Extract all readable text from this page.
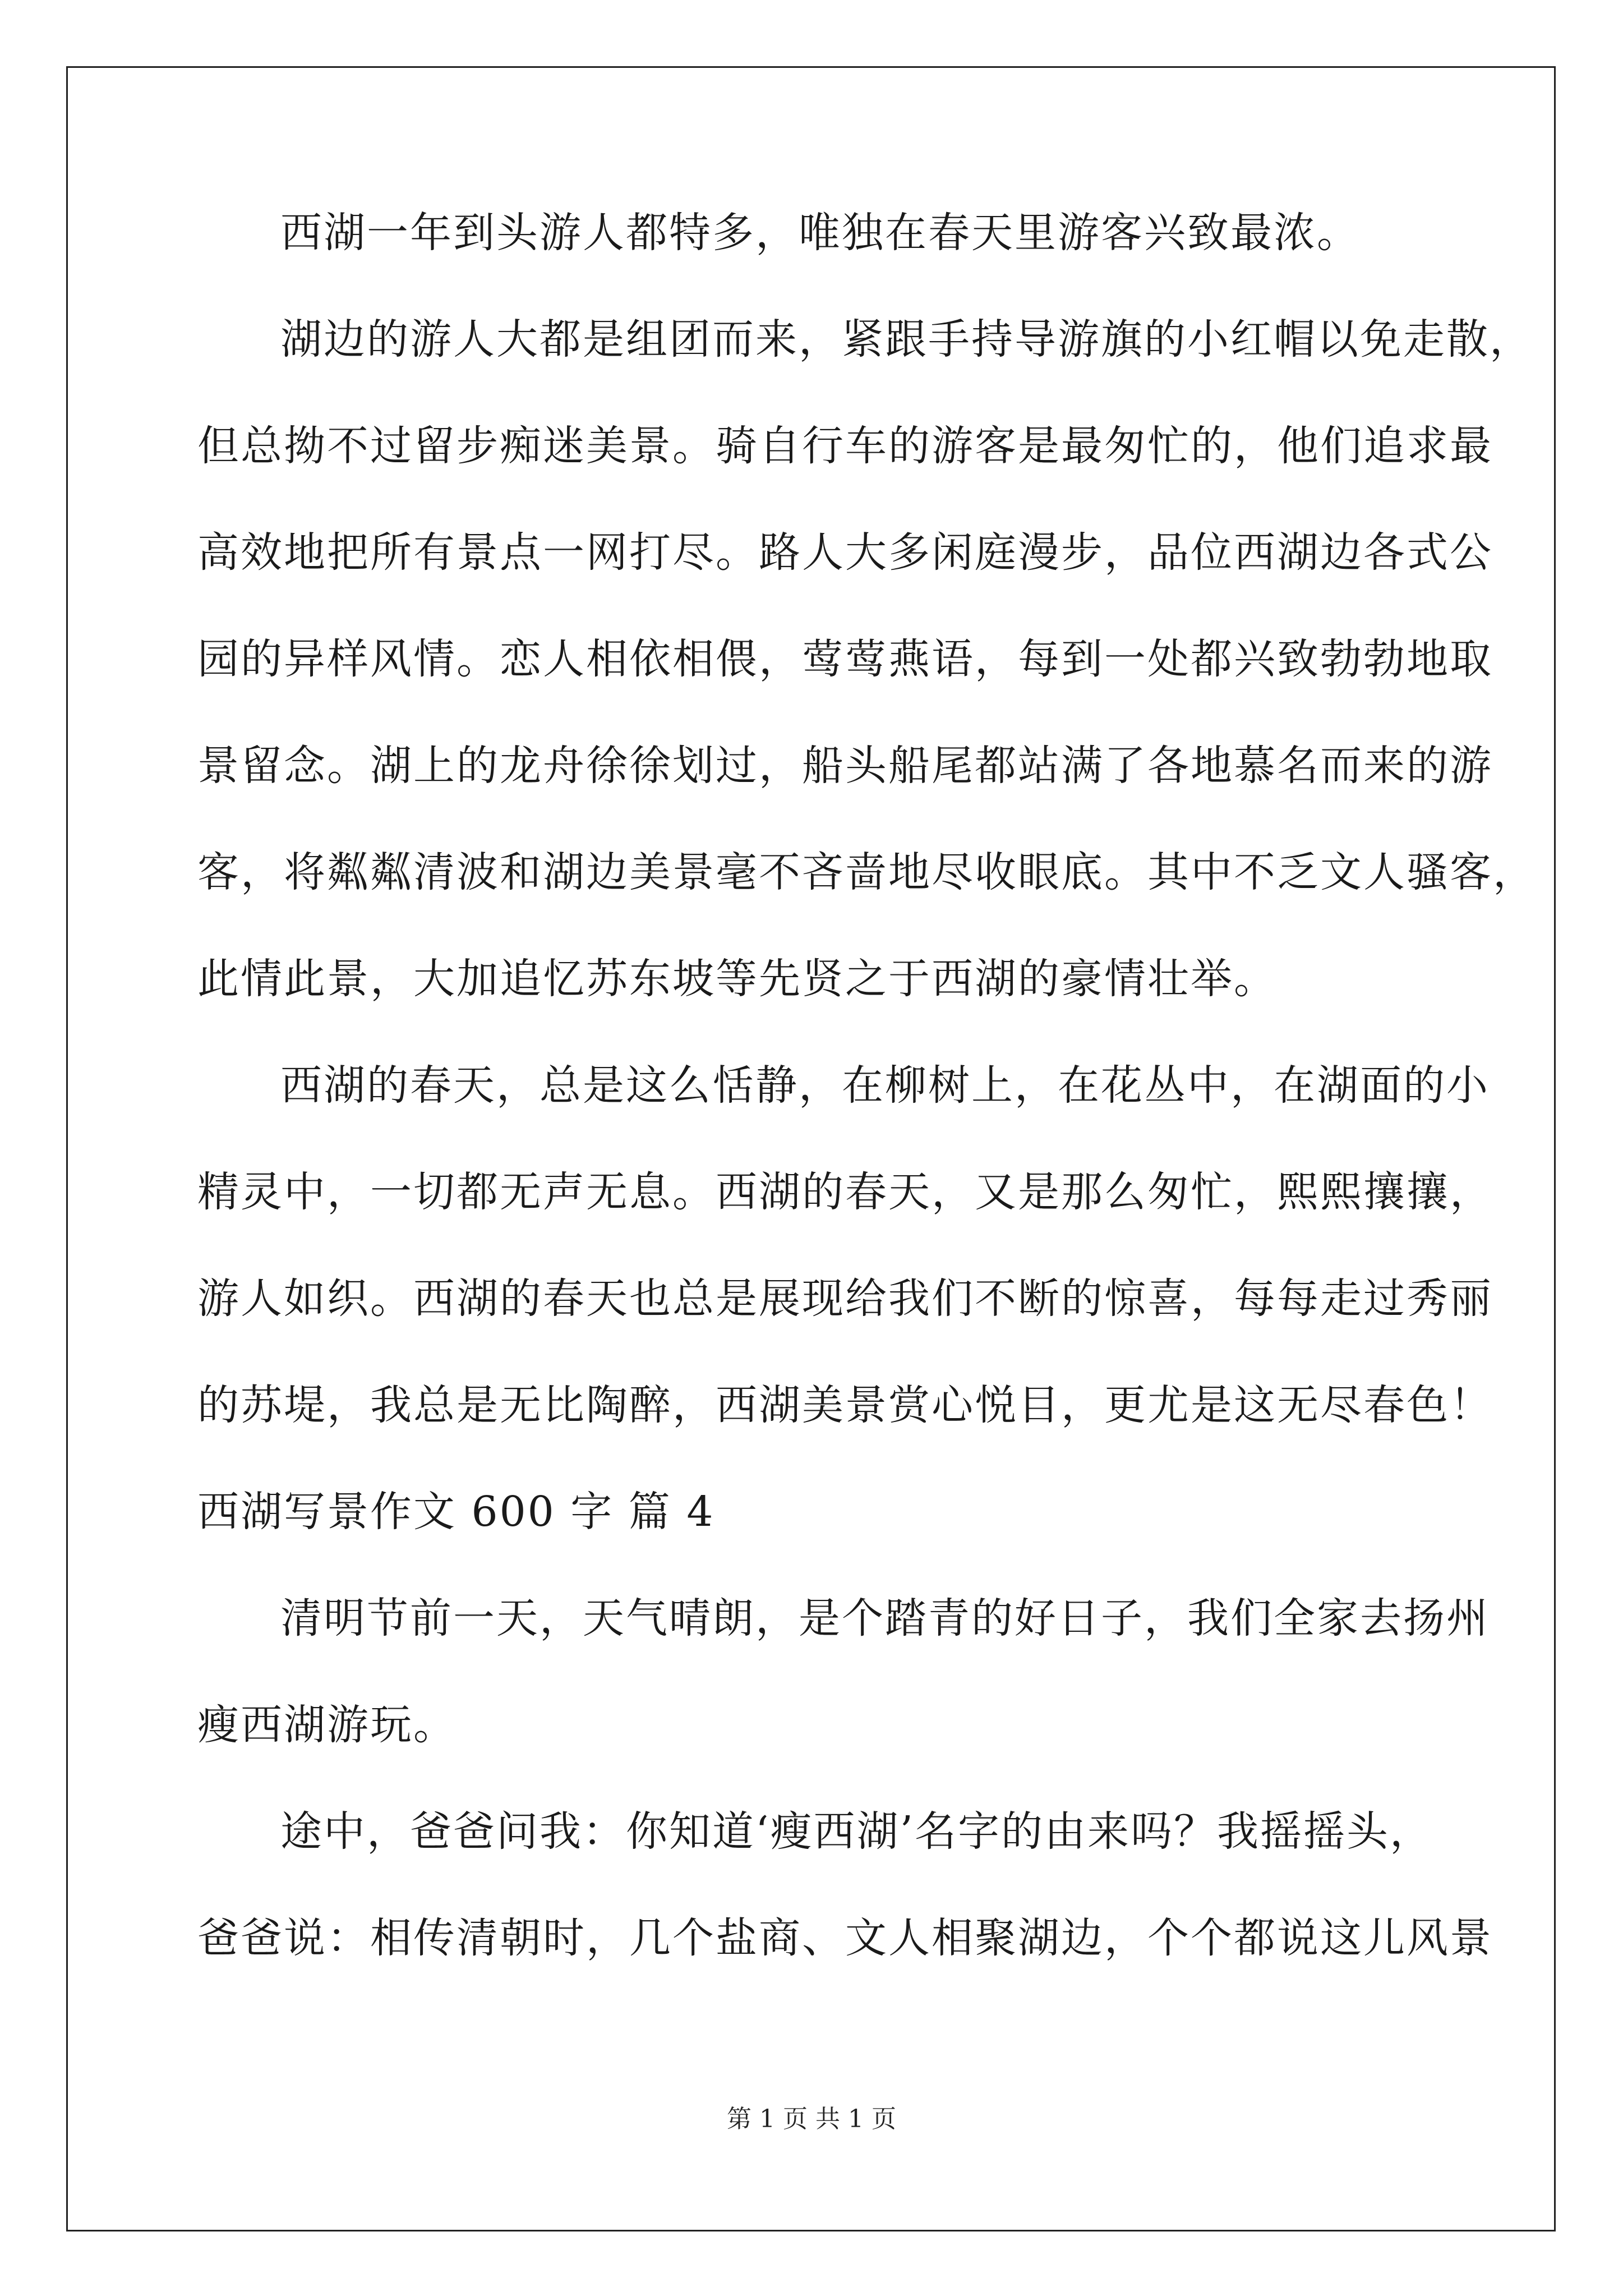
西湖一年到头游人都特多，唯独在春天里游客兴致最浓。
湖边的游人大都是组团而来，紧跟手持导游旗的小红帽以免走散，
但总拗不过留步痴迷美景。骑自行车的游客是最匆忙的，他们追求最
高效地把所有景点一网打尽。路人大多闲庭漫步，品位西湖边各式公
园的异样风情。恋人相依相偎，莺莺燕语，每到一处都兴致勃勃地取
景留念。湖上的龙舟徐徐划过，船头船尾都站满了各地慕名而来的游
客，将粼粼清波和湖边美景毫不吝啬地尽收眼底。其中不乏文人骚客，
此情此景，大加追忆苏东坡等先贤之于西湖的豪情壮举。
西湖的春天，总是这么恬静，在柳树上，在花丛中，在湖面的小
精灵中，一切都无声无息。西湖的春天，又是那么匆忙，熙熙攘攘，
游人如织。西湖的春天也总是展现给我们不断的惊喜，每每走过秀丽
的苏堤，我总是无比陶醉，西湖美景赏心悦目，更尤是这无尽春色！
西湖写景作文 600 字 篇 4
清明节前一天，天气晴朗，是个踏青的好日子，我们全家去扬州
瘦西湖游玩。
途中，爸爸问我：你知道‘瘦西湖’名字的由来吗？我摇摇头，
爸爸说：相传清朝时，几个盐商、文人相聚湖边，个个都说这儿风景
第 1 页 共 1 页
